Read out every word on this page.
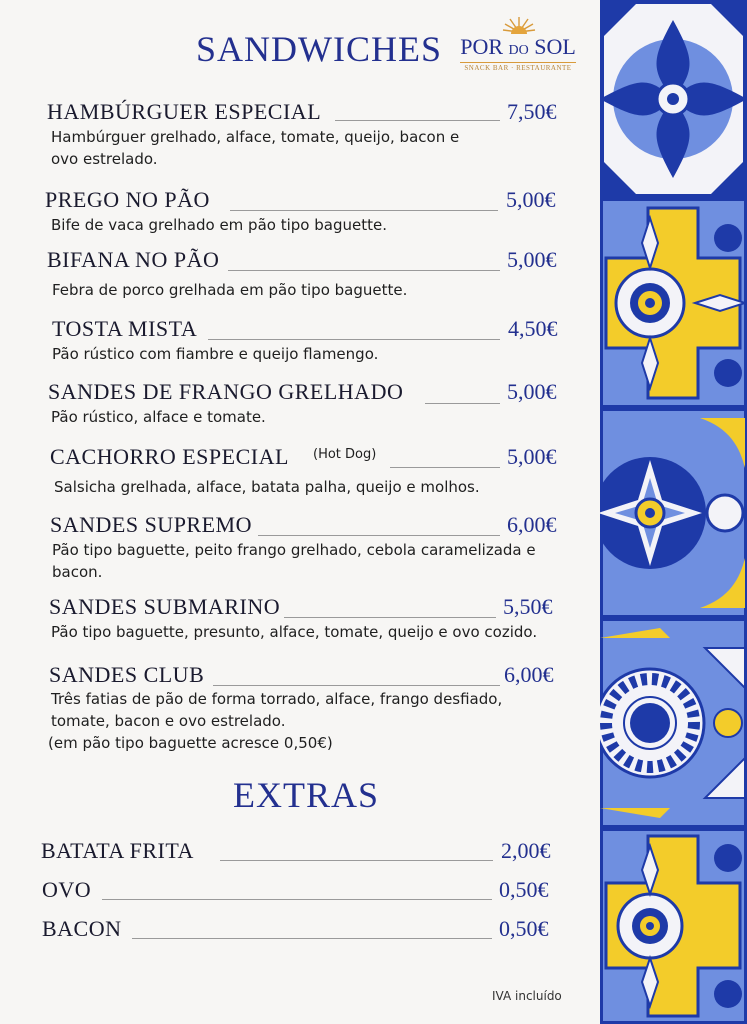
SANDWICHES POR DO SOL
SNACK BAR · RESTAURANTE
HAMBÚRGUER ESPECIAL	7,50€
Hambúrguer grelhado, alface, tomate, queijo, bacon e ovo estrelado.
PREGO NO PÃO	5,00€
Bife de vaca grelhado em pão tipo baguette.
BIFANA NO PÃO	5,00€
Febra de porco grelhada em pão tipo baguette.
TOSTA MISTA	4,50€
Pão rústico com fiambre e queijo flamengo.
SANDES DE FRANGO GRELHADO	5,00€
Pão rústico, alface e tomate.
CACHORRO ESPECIAL (Hot Dog)	5,00€
Salsicha grelhada, alface, batata palha, queijo e molhos.
SANDES SUPREMO	6,00€
Pão tipo baguette, peito frango grelhado, cebola caramelizada e bacon.
SANDES SUBMARINO	5,50€
Pão tipo baguette, presunto, alface, tomate, queijo e ovo cozido.
SANDES CLUB	6,00€
Três fatias de pão de forma torrado, alface, frango desfiado, tomate, bacon e ovo estrelado.
(em pão tipo baguette acresce 0,50€)
EXTRAS
BATATA FRITA	2,00€
OVO	0,50€
BACON	0,50€
IVA incluído
